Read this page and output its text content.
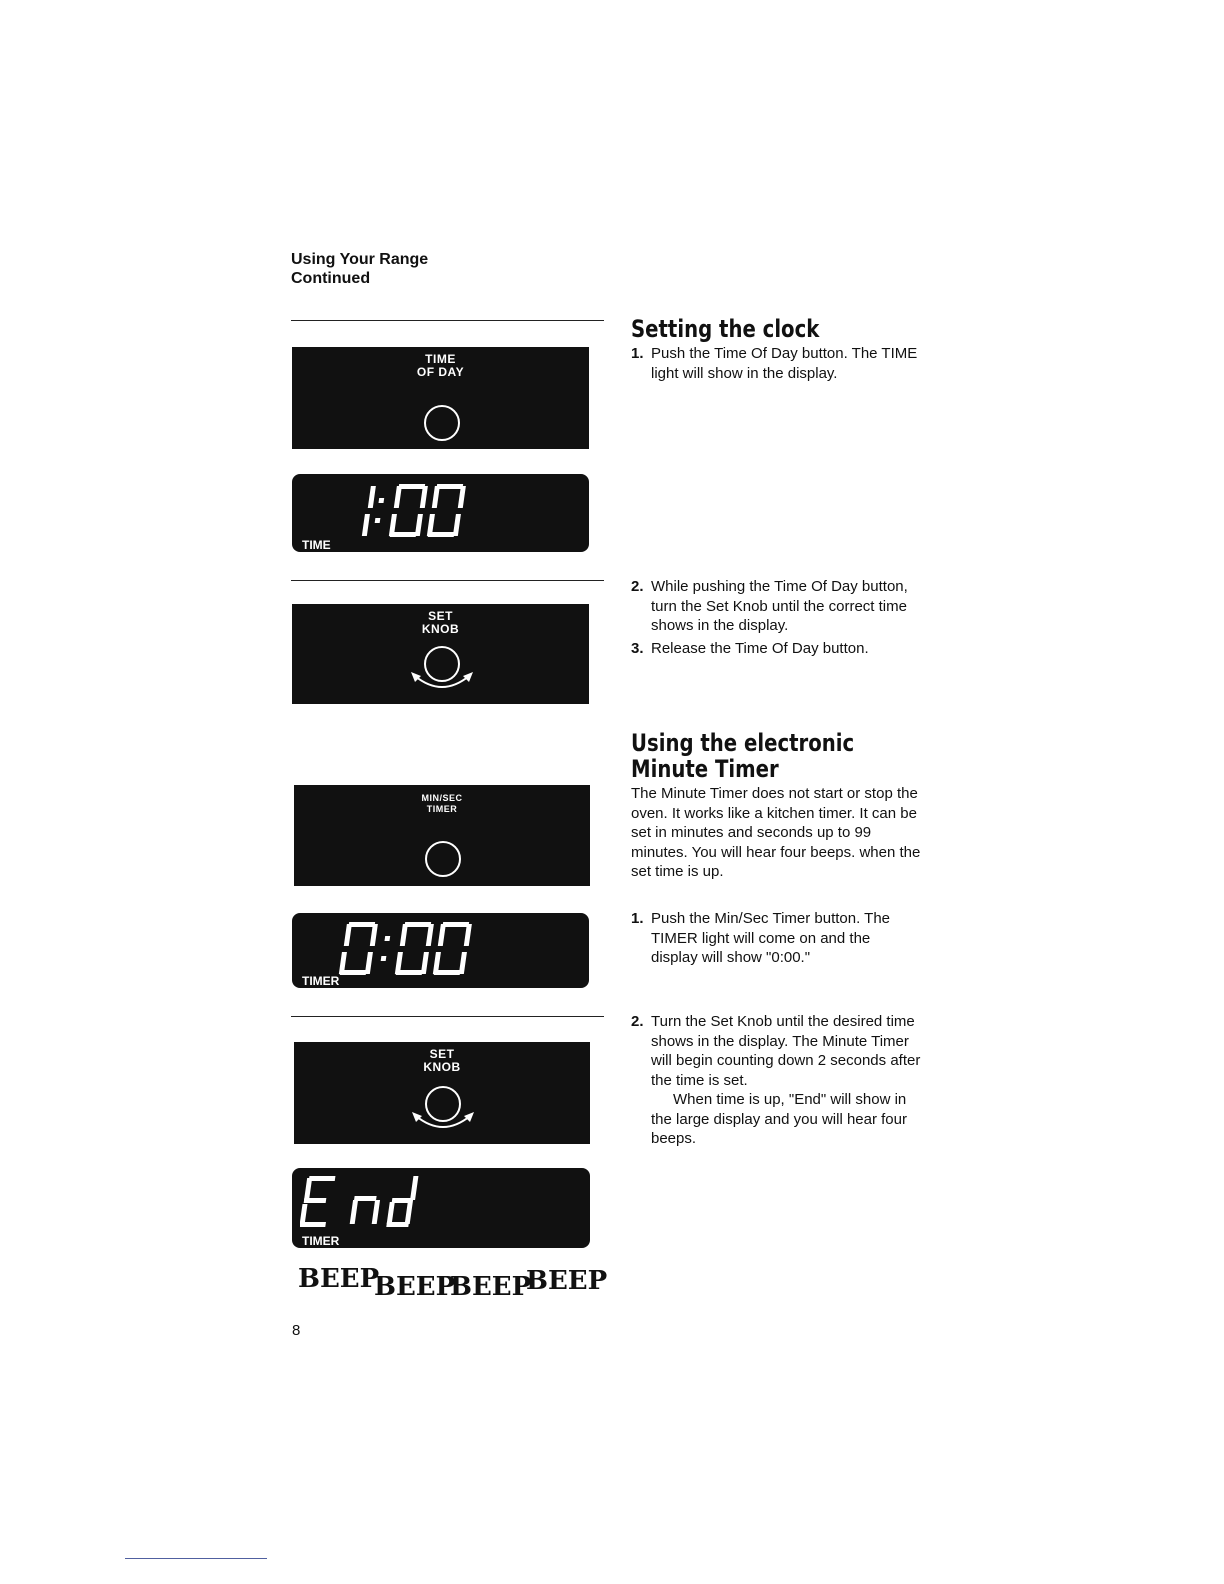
Using Your Range
Continued
TIME
OF DAY
TIME
SET
KNOB
MIN/SEC
TIMER
TIMER
SET
KNOB
TIMER
BEEP
BEEP
BEEP
BEEP
8
Setting the clock
1. Push the Time Of Day button. The TIME light will show in the display.
2. While pushing the Time Of Day button, turn the Set Knob until the correct time shows in the display.
3. Release the Time Of Day button.
Using the electronic
Minute Timer
The Minute Timer does not start or stop the oven. It works like a kitchen timer. It can be set in minutes and seconds up to 99 minutes. You will hear four beeps. when the set time is up.
1. Push the Min/Sec Timer button. The TIMER light will come on and the display will show "0:00."
2. Turn the Set Knob until the desired time shows in the display. The Minute Timer will begin counting down 2 seconds after the time is set.
When time is up, "End" will show in the large display and you will hear four beeps.
